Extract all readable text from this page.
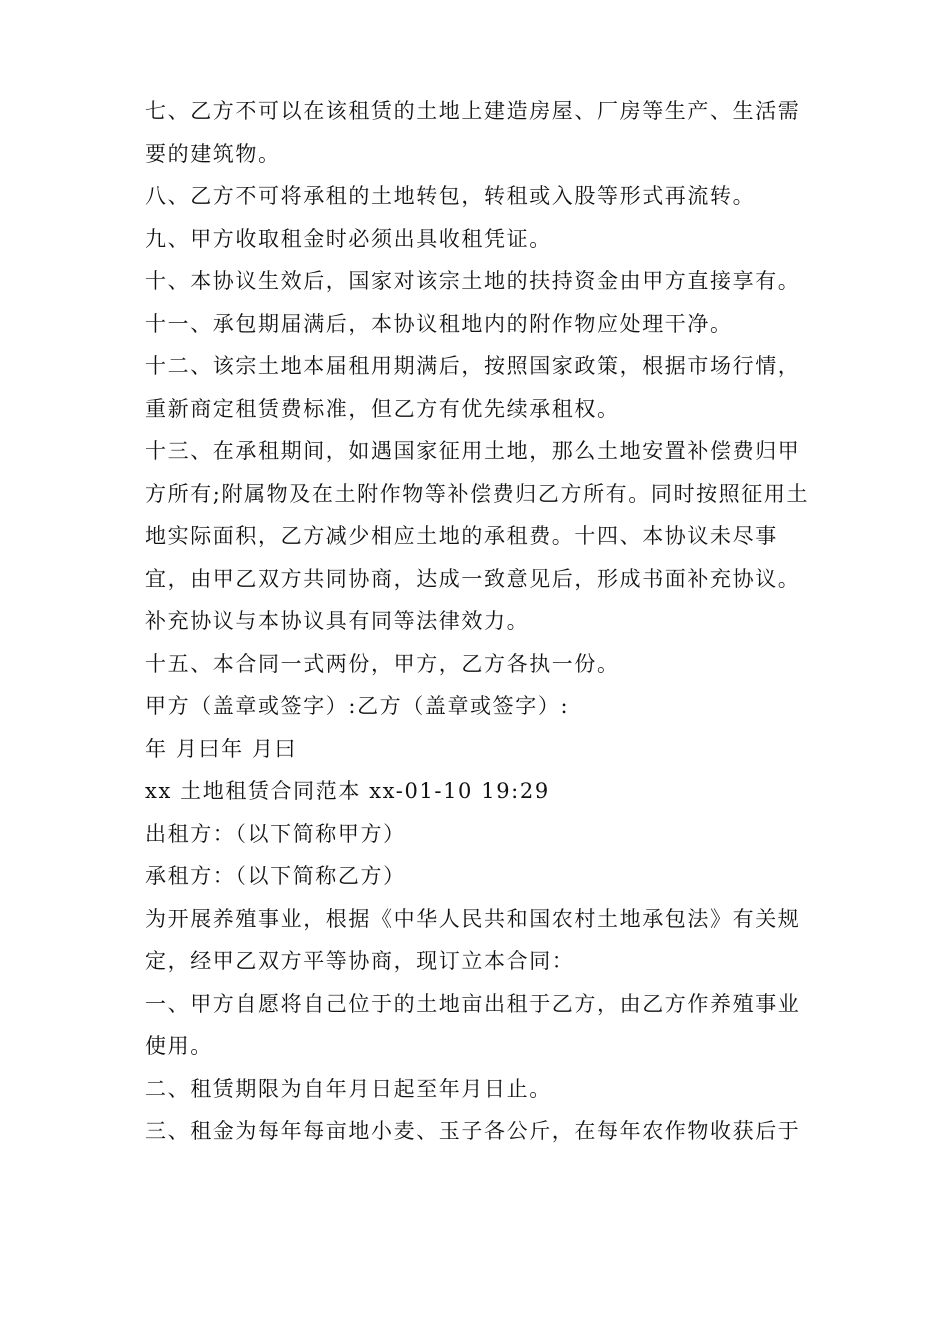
七、乙方不可以在该租赁的土地上建造房屋、厂房等生产、生活需
要的建筑物。
八、乙方不可将承租的土地转包，转租或入股等形式再流转。
九、甲方收取租金时必须出具收租凭证。
十、本协议生效后，国家对该宗土地的扶持资金由甲方直接享有。
十一、承包期届满后，本协议租地内的附作物应处理干净。
十二、该宗土地本届租用期满后，按照国家政策，根据市场行情，
重新商定租赁费标准，但乙方有优先续承租权。
十三、在承租期间，如遇国家征用土地，那么土地安置补偿费归甲
方所有;附属物及在土附作物等补偿费归乙方所有。同时按照征用土
地实际面积，乙方减少相应土地的承租费。十四、本协议未尽事
宜，由甲乙双方共同协商，达成一致意见后，形成书面补充协议。
补充协议与本协议具有同等法律效力。
十五、本合同一式两份，甲方，乙方各执一份。
甲方（盖章或签字）:乙方（盖章或签字）:
年 月曰年 月曰
xx 土地租赁合同范本 xx-01-10 19:29
出租方：（以下简称甲方）
承租方：（以下简称乙方）
为开展养殖事业，根据《中华人民共和国农村土地承包法》有关规
定，经甲乙双方平等协商，现订立本合同：
一、甲方自愿将自己位于的土地亩出租于乙方，由乙方作养殖事业
使用。
二、租赁期限为自年月日起至年月日止。
三、租金为每年每亩地小麦、玉子各公斤，在每年农作物收获后于
